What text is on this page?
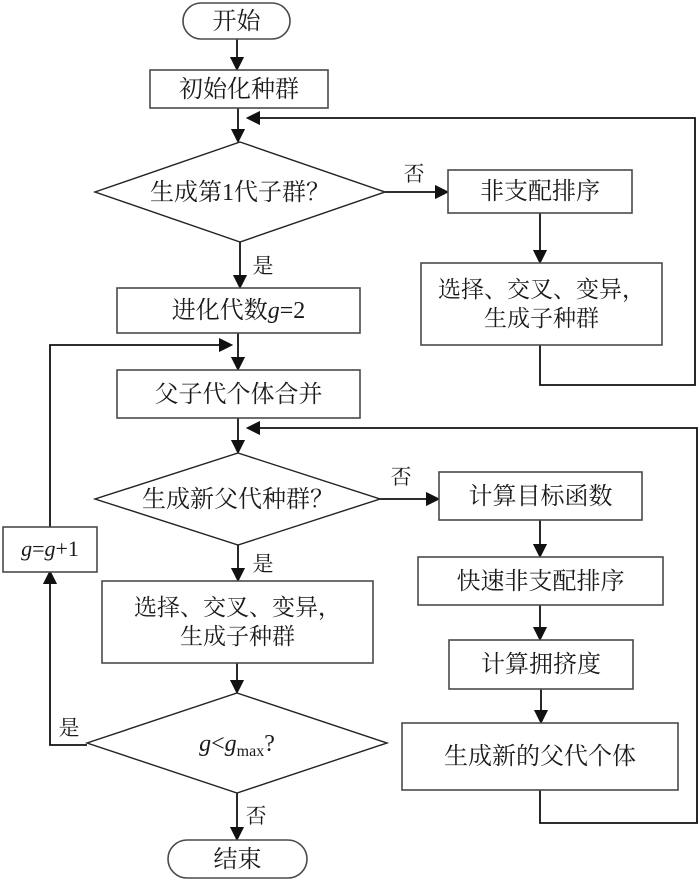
开始
初始化种群
生成第1代子群？	非支配排序
选择、交叉、变异，
生成子种群
进化代数g=2
父子代个体合并
生成新父代种群？	计算目标函数
快速非支配排序
计算拥挤度
生成新的父代个体
g=g+1
选择、交叉、变异，
生成子种群
$g<g_{max}$?
结束
否
是
否
是
是
否
